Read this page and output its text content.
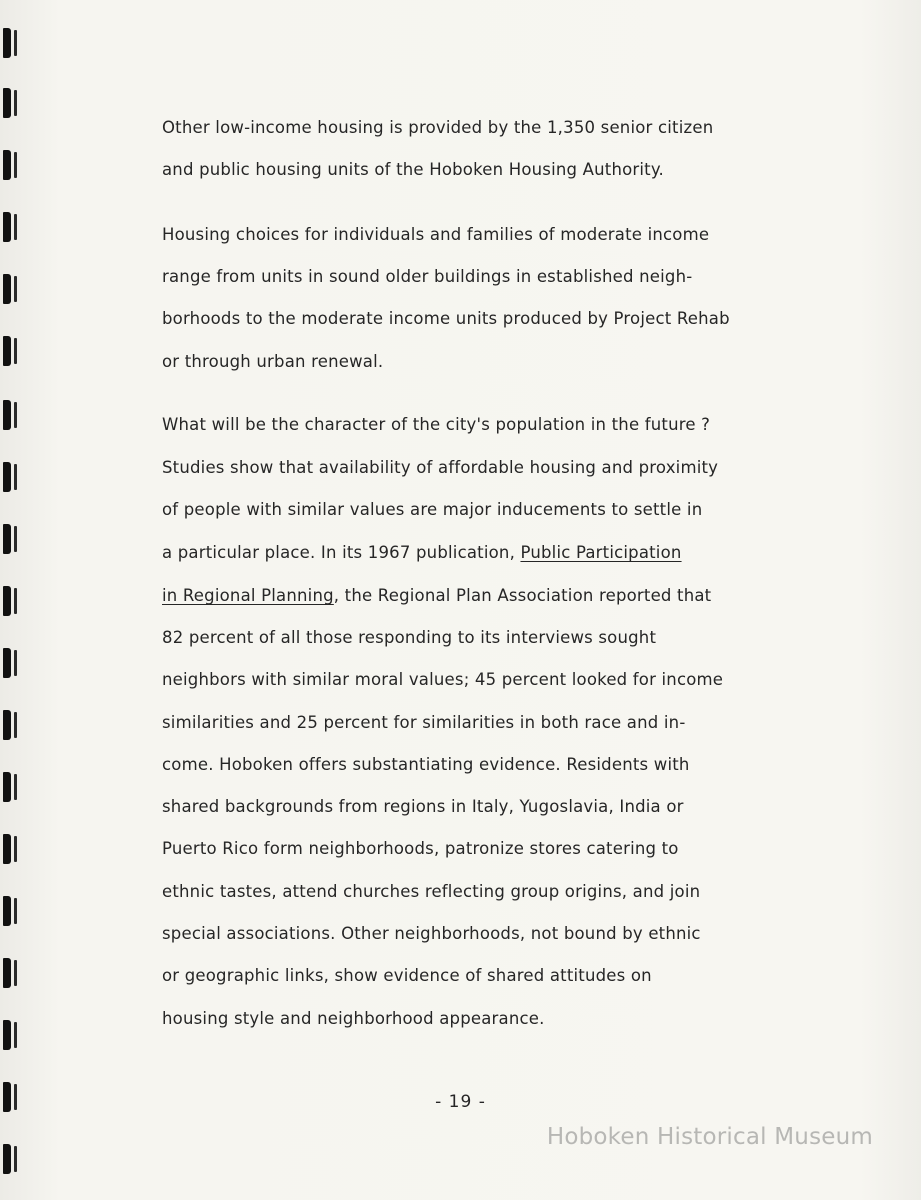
Other low-income housing is provided by the 1,350 senior citizen
and public housing units of the Hoboken Housing Authority.
Housing choices for individuals and families of moderate income
range from units in sound older buildings in established neigh-
borhoods to the moderate income units produced by Project Rehab
or through urban renewal.
What will be the character of the city's population in the future ?
Studies show that availability of affordable housing and proximity
of people with similar values are major inducements to settle in
a particular place. In its 1967 publication, Public Participation
in Regional Planning, the Regional Plan Association reported that
82 percent of all those responding to its interviews sought
neighbors with similar moral values; 45 percent looked for income
similarities and 25 percent for similarities in both race and in-
come. Hoboken offers substantiating evidence. Residents with
shared backgrounds from regions in Italy, Yugoslavia, India or
Puerto Rico form neighborhoods, patronize stores catering to
ethnic tastes, attend churches reflecting group origins, and join
special associations. Other neighborhoods, not bound by ethnic
or geographic links, show evidence of shared attitudes on
housing style and neighborhood appearance.
- 19 -
Hoboken Historical Museum
